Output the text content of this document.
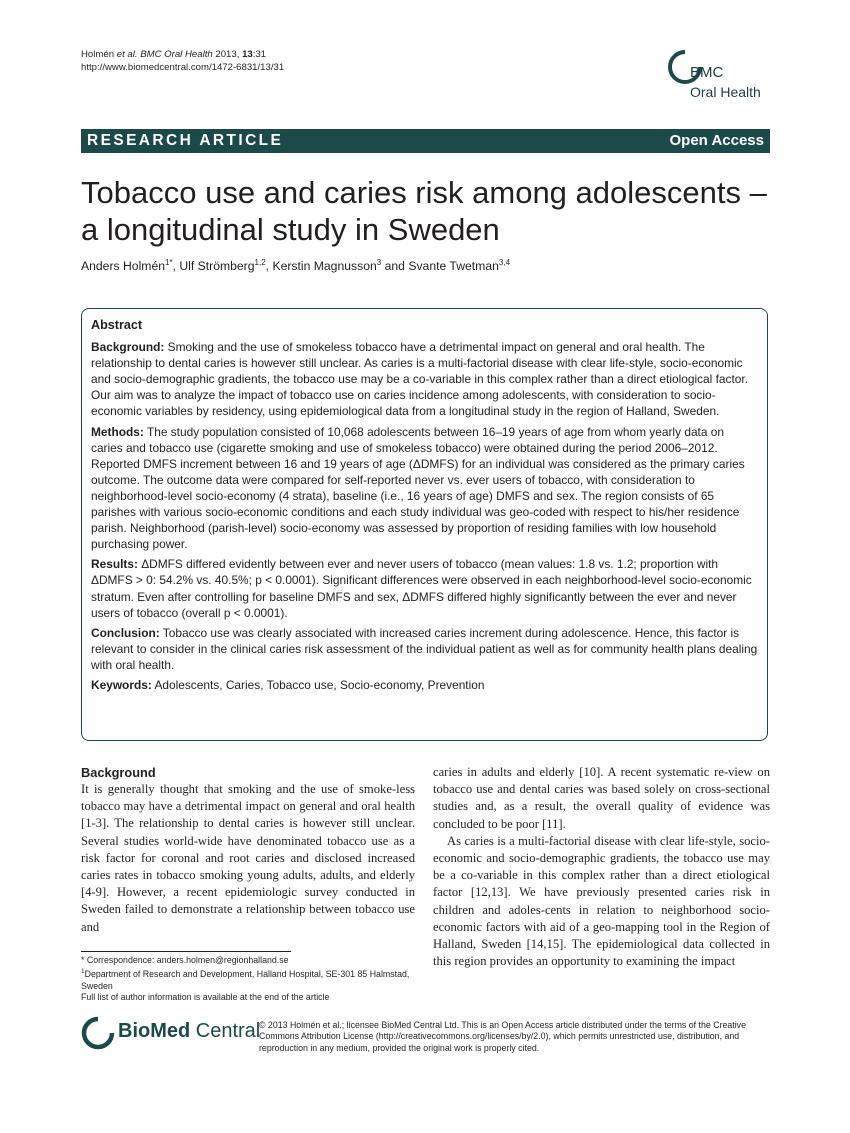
Holmén et al. BMC Oral Health 2013, 13:31
http://www.biomedcentral.com/1472-6831/13/31	BMC
Oral Health
RESEARCH ARTICLE	Open Access
Tobacco use and caries risk among adolescents – a longitudinal study in Sweden
Anders Holmén$^{1*}$, Ulf Strömberg$^{1,2}$, Kerstin Magnusson$^3$ and Svante Twetman$^{3,4}$
Abstract

Background: Smoking and the use of smokeless tobacco have a detrimental impact on general and oral health. The relationship to dental caries is however still unclear. As caries is a multi-factorial disease with clear life-style, socio-economic and socio-demographic gradients, the tobacco use may be a co-variable in this complex rather than a direct etiological factor. Our aim was to analyze the impact of tobacco use on caries incidence among adolescents, with consideration to socio-economic variables by residency, using epidemiological data from a longitudinal study in the region of Halland, Sweden.

Methods: The study population consisted of 10,068 adolescents between 16–19 years of age from whom yearly data on caries and tobacco use (cigarette smoking and use of smokeless tobacco) were obtained during the period 2006–2012. Reported DMFS increment between 16 and 19 years of age (ΔDMFS) for an individual was considered as the primary caries outcome. The outcome data were compared for self-reported never vs. ever users of tobacco, with consideration to neighborhood-level socio-economy (4 strata), baseline (i.e., 16 years of age) DMFS and sex. The region consists of 65 parishes with various socio-economic conditions and each study individual was geo-coded with respect to his/her residence parish. Neighborhood (parish-level) socio-economy was assessed by proportion of residing families with low household purchasing power.

Results: ΔDMFS differed evidently between ever and never users of tobacco (mean values: 1.8 vs. 1.2; proportion with ΔDMFS > 0: 54.2% vs. 40.5%; p < 0.0001). Significant differences were observed in each neighborhood-level socio-economic stratum. Even after controlling for baseline DMFS and sex, ΔDMFS differed highly significantly between the ever and never users of tobacco (overall p < 0.0001).

Conclusion: Tobacco use was clearly associated with increased caries increment during adolescence. Hence, this factor is relevant to consider in the clinical caries risk assessment of the individual patient as well as for community health plans dealing with oral health.

Keywords: Adolescents, Caries, Tobacco use, Socio-economy, Prevention

Background

It is generally thought that smoking and the use of smoke-less tobacco may have a detrimental impact on general and oral health [1-3]. The relationship to dental caries is however still unclear. Several studies world-wide have denominated tobacco use as a risk factor for coronal and root caries and disclosed increased caries rates in tobacco smoking young adults, adults, and elderly [4-9]. However, a recent epidemiologic survey conducted in Sweden failed to demonstrate a relationship between tobacco use and

caries in adults and elderly [10]. A recent systematic re-view on tobacco use and dental caries was based solely on cross-sectional studies and, as a result, the overall quality of evidence was concluded to be poor [11].

As caries is a multi-factorial disease with clear life-style, socio-economic and socio-demographic gradients, the tobacco use may be a co-variable in this complex rather than a direct etiological factor [12,13]. We have previously presented caries risk in children and adoles-cents in relation to neighborhood socio-economic factors with aid of a geo-mapping tool in the Region of Halland, Sweden [14,15]. The epidemiological data collected in this region provides an opportunity to examining the impact

* Correspondence: anders.holmen@regionhalland.se
$^1$Department of Research and Development, Halland Hospital, SE-301 85 Halmstad, Sweden
Full list of author information is available at the end of the article
BioMed Central
© 2013 Holmén et al.; licensee BioMed Central Ltd. This is an Open Access article distributed under the terms of the Creative Commons Attribution License (http://creativecommons.org/licenses/by/2.0), which permits unrestricted use, distribution, and reproduction in any medium, provided the original work is properly cited.
